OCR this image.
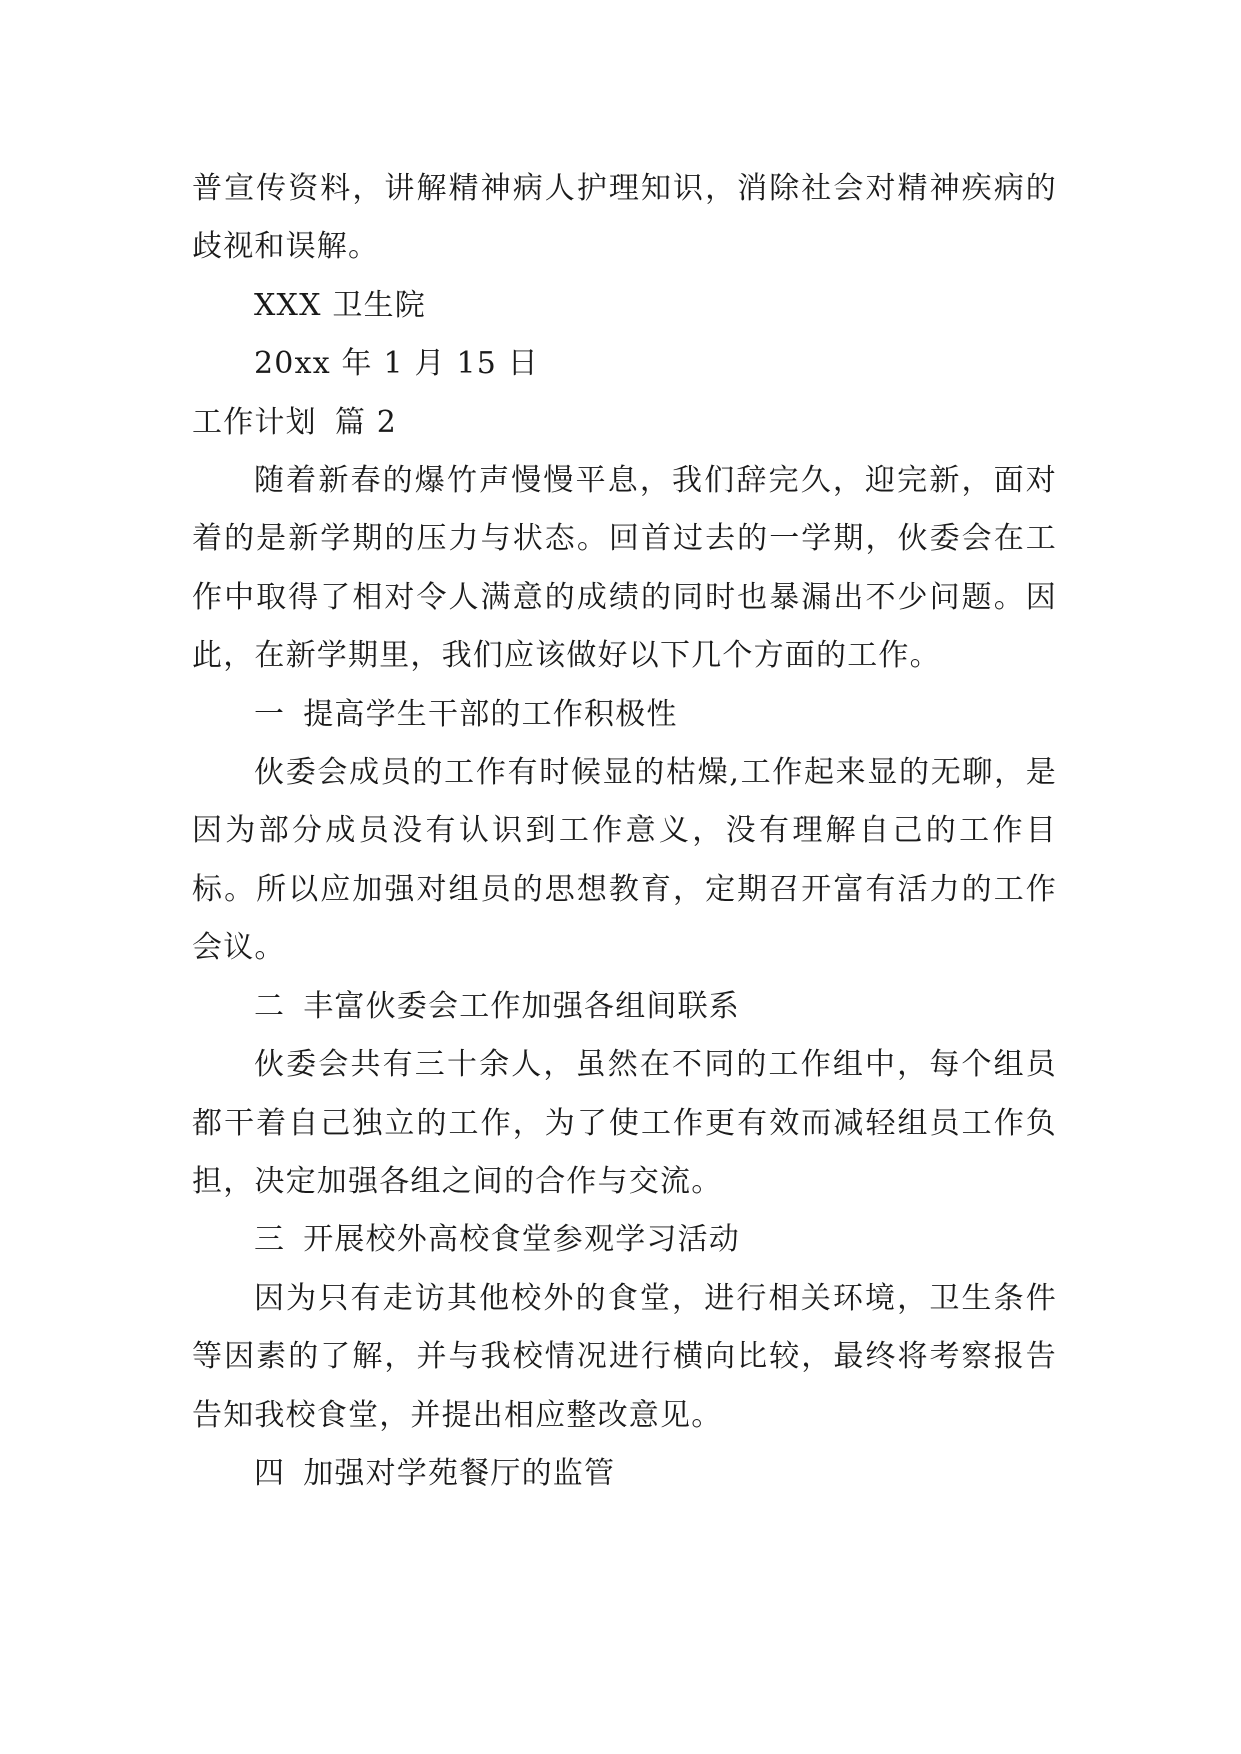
普宣传资料，讲解精神病人护理知识，消除社会对精神疾病的歧视和误解。

XXX 卫生院

20xx 年 1 月 15 日

工作计划 篇 2

随着新春的爆竹声慢慢平息，我们辞完久，迎完新，面对着的是新学期的压力与状态。回首过去的一学期，伙委会在工作中取得了相对令人满意的成绩的同时也暴漏出不少问题。因此，在新学期里，我们应该做好以下几个方面的工作。

一 提高学生干部的工作积极性

伙委会成员的工作有时候显的枯燥,工作起来显的无聊，是因为部分成员没有认识到工作意义，没有理解自己的工作目标。所以应加强对组员的思想教育，定期召开富有活力的工作会议。

二 丰富伙委会工作加强各组间联系

伙委会共有三十余人，虽然在不同的工作组中，每个组员都干着自己独立的工作，为了使工作更有效而减轻组员工作负担，决定加强各组之间的合作与交流。

三 开展校外高校食堂参观学习活动

因为只有走访其他校外的食堂，进行相关环境，卫生条件等因素的了解，并与我校情况进行横向比较，最终将考察报告告知我校食堂，并提出相应整改意见。

四 加强对学苑餐厅的监管
